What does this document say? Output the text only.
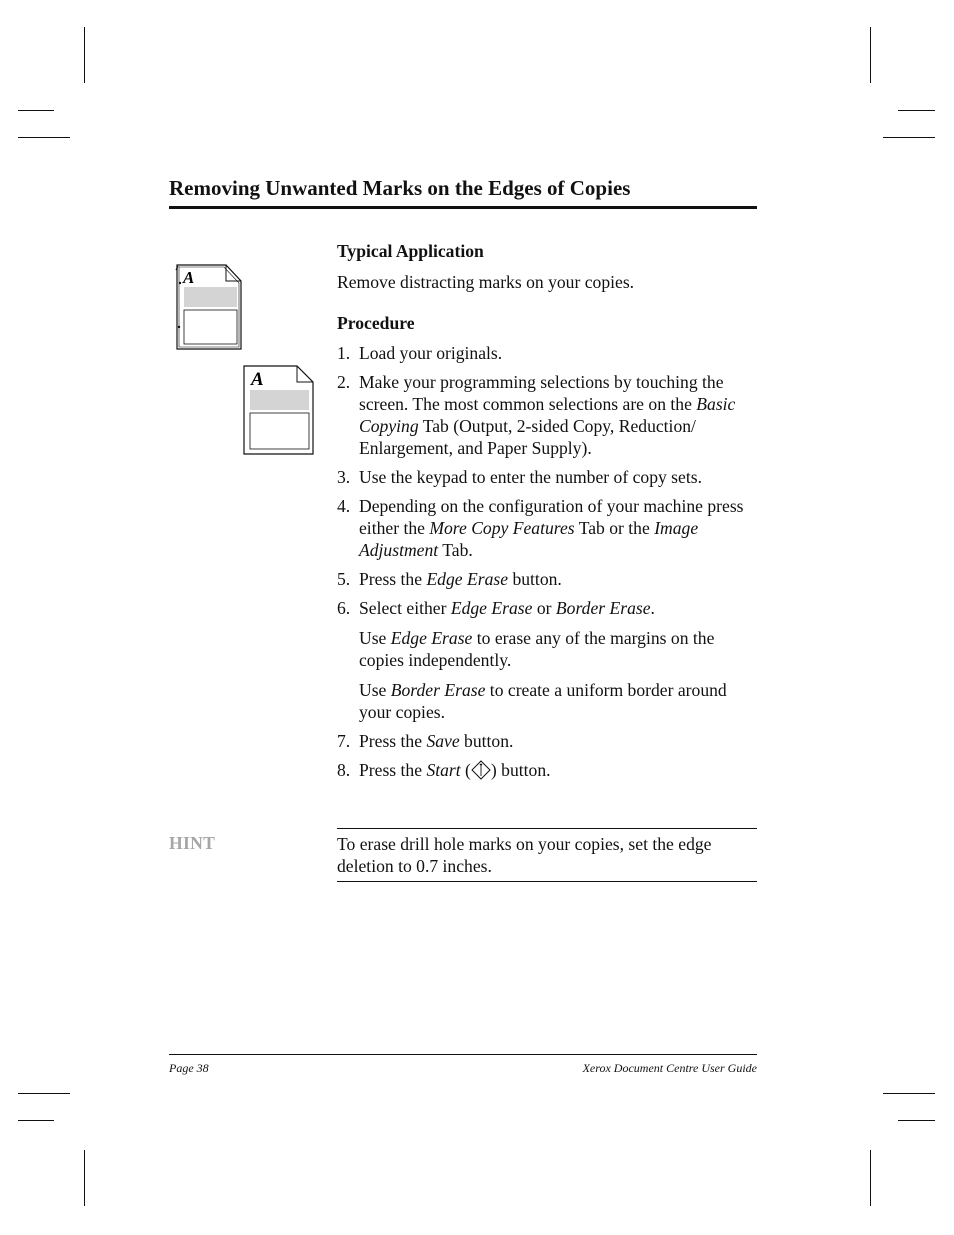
Removing Unwanted Marks on the Edges of Copies
A
A

Typical Application

Remove distracting marks on your copies.

Procedure

1. Load your originals.
2. Make your programming selections by touching the screen. The most common selections are on the Basic Copying Tab (Output, 2-sided Copy, Reduction/ Enlargement, and Paper Supply).
3. Use the keypad to enter the number of copy sets.
4. Depending on the configuration of your machine press either the More Copy Features Tab or the Image Adjustment Tab.
5. Press the Edge Erase button.
6. Select either Edge Erase or Border Erase.

Use Edge Erase to erase any of the margins on the copies independently.

Use Border Erase to create a uniform border around your copies.

7. Press the Save button.
8. Press the Start ( ) button.
HINT	To erase drill hole marks on your copies, set the edge deletion to 0.7 inches.
Page 38	Xerox Document Centre User Guide
